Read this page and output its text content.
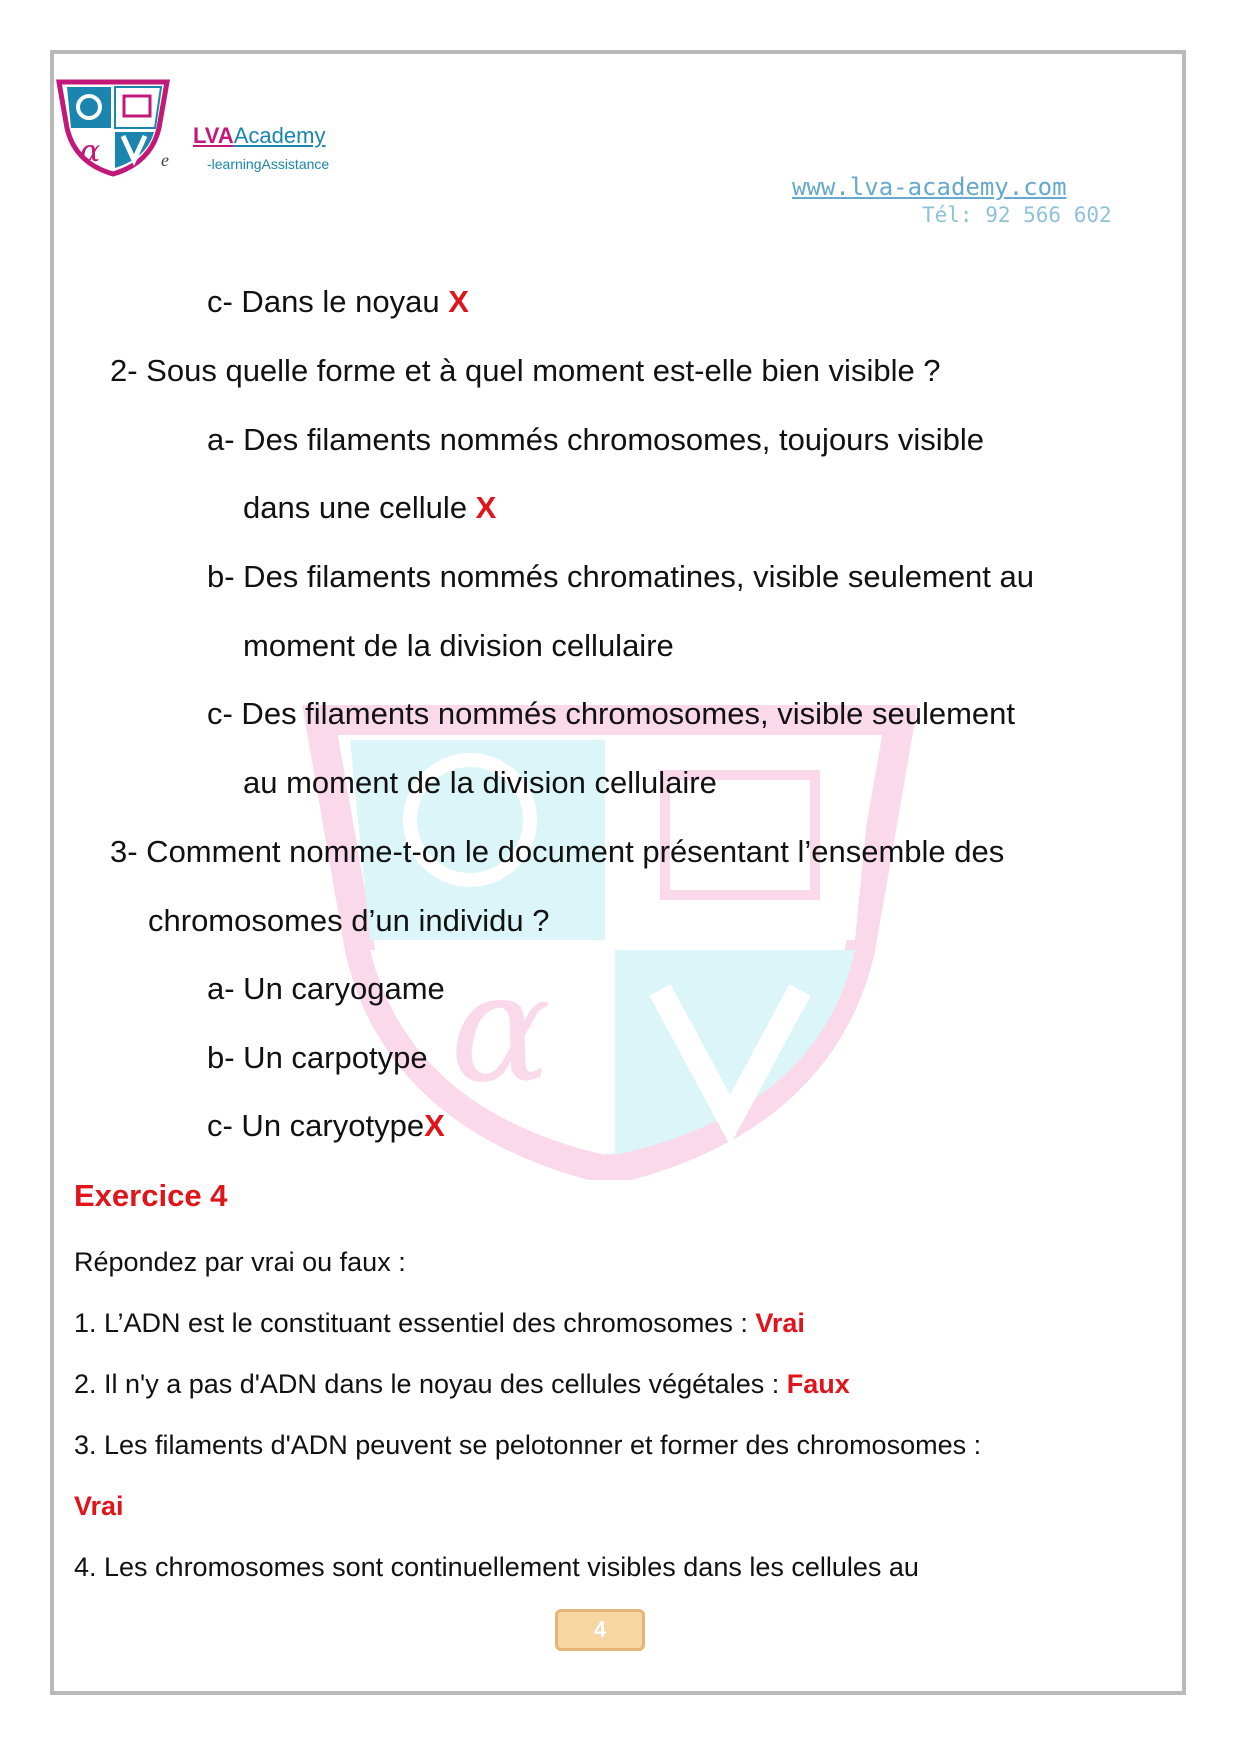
α
α	LVAAcademy
e	-learningAssistance
www.lva-academy.com
Tél: 92 566 602
c- Dans le noyau X
2- Sous quelle forme et à quel moment est-elle bien visible ?
a- Des filaments nommés chromosomes, toujours visible
dans une cellule X
b- Des filaments nommés chromatines, visible seulement au
moment de la division cellulaire
c- Des filaments nommés chromosomes, visible seulement
au moment de la division cellulaire
3- Comment nomme-t-on le document présentant l’ensemble des
chromosomes d’un individu ?
a- Un caryogame
b- Un carpotype
c- Un caryotypeX
Exercice 4
Répondez par vrai ou faux :
1. L’ADN est le constituant essentiel des chromosomes : Vrai
2. Il n'y a pas d'ADN dans le noyau des cellules végétales : Faux
3. Les filaments d'ADN peuvent se pelotonner et former des chromosomes :
Vrai
4. Les chromosomes sont continuellement visibles dans les cellules au
4
